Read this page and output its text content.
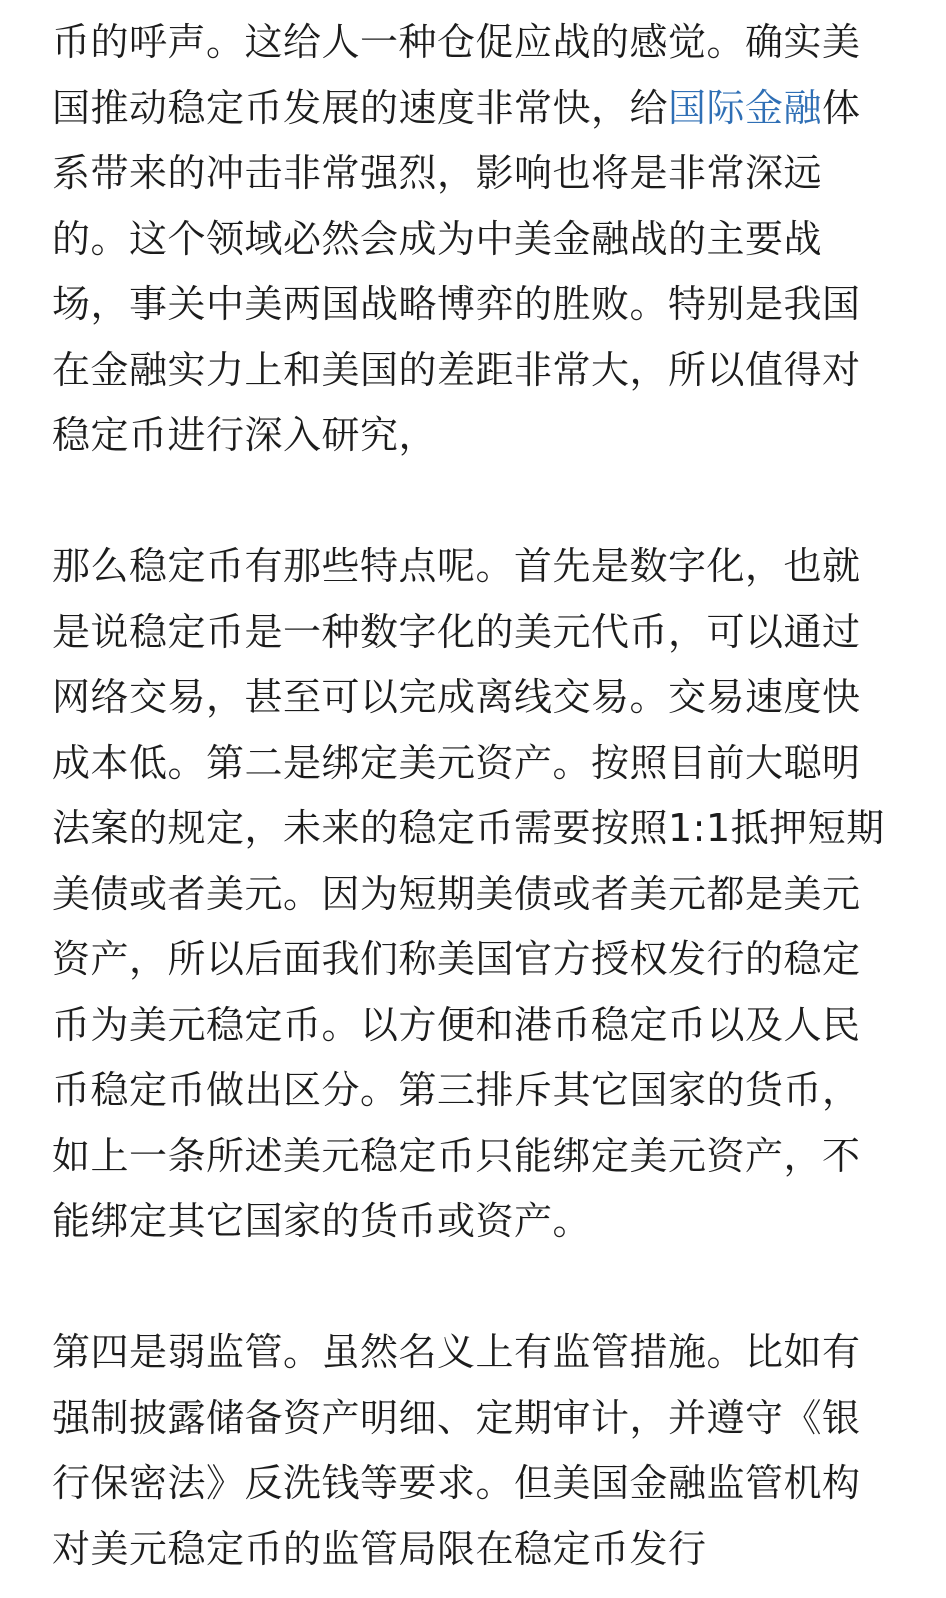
币的呼声。这给人一种仓促应战的感觉。确实美国推动稳定币发展的速度非常快，给国际金融体系带来的冲击非常强烈，影响也将是非常深远的。这个领域必然会成为中美金融战的主要战场，事关中美两国战略博弈的胜败。特别是我国在金融实力上和美国的差距非常大，所以值得对稳定币进行深入研究，

那么稳定币有那些特点呢。首先是数字化，也就是说稳定币是一种数字化的美元代币，可以通过网络交易，甚至可以完成离线交易。交易速度快成本低。第二是绑定美元资产。按照目前大聪明法案的规定，未来的稳定币需要按照1:1抵押短期美债或者美元。因为短期美债或者美元都是美元资产，所以后面我们称美国官方授权发行的稳定币为美元稳定币。以方便和港币稳定币以及人民币稳定币做出区分。第三排斥其它国家的货币，如上一条所述美元稳定币只能绑定美元资产，不能绑定其它国家的货币或资产。

第四是弱监管。虽然名义上有监管措施。比如有强制披露储备资产明细、定期审计，并遵守《银行保密法》反洗钱等要求。但美国金融监管机构对美元稳定币的监管局限在稳定币发行
